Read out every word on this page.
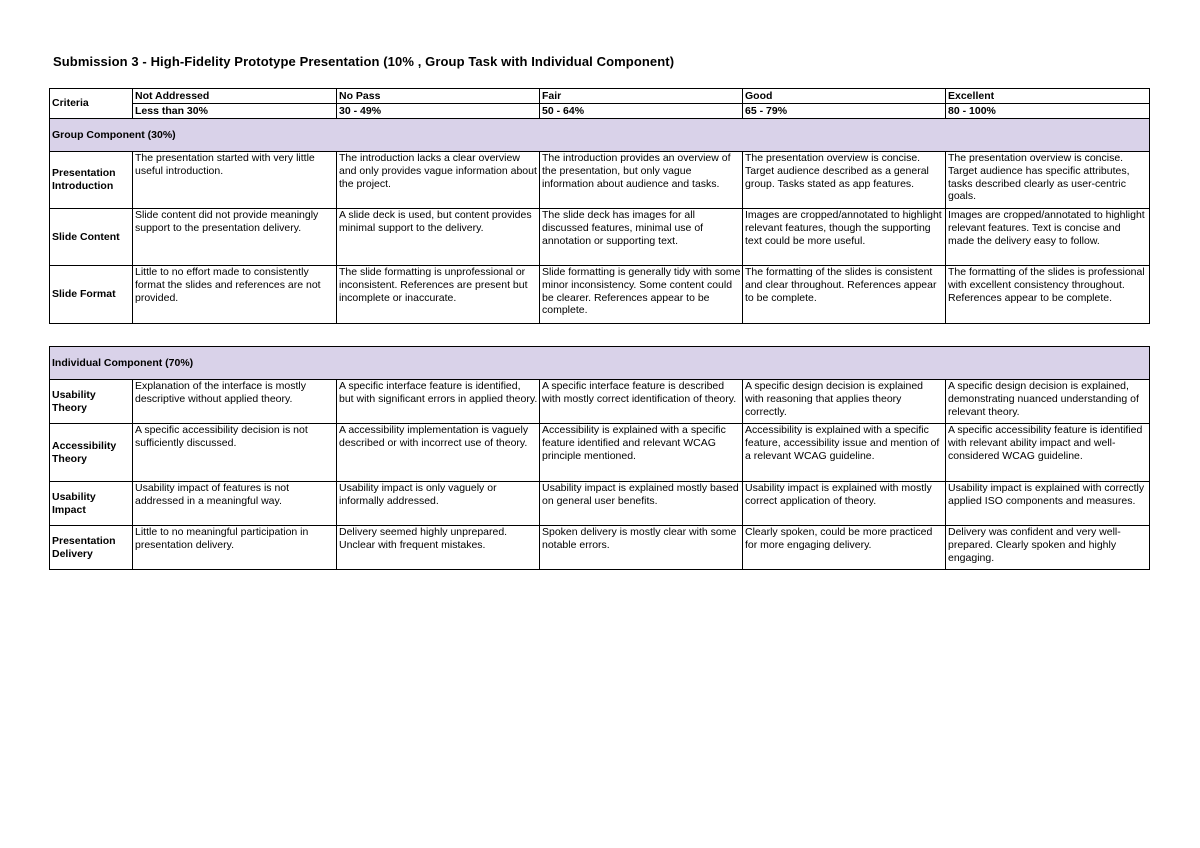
Submission 3 - High-Fidelity Prototype Presentation (10% , Group Task with Individual Component)
Criteria	Not Addressed	No Pass	Fair	Good	Excellent
	Less than 30%	30 - 49%	50 - 64%	65 - 79%	80 - 100%
Group Component (30%)					
Presentation Introduction	The presentation started with very little useful introduction.	The introduction lacks a clear overview and only provides vague information about the project.	The introduction provides an overview of the presentation, but only vague information about audience and tasks.	The presentation overview is concise. Target audience described as a general group. Tasks stated as app features.	The presentation overview is concise. Target audience has specific attributes, tasks described clearly as user-centric goals.
Slide Content	Slide content did not provide meaningly support to the presentation delivery.	A slide deck is used, but content provides minimal support to the delivery.	The slide deck has images for all discussed features, minimal use of annotation or supporting text.	Images are cropped/annotated to highlight relevant features, though the supporting text could be more useful.	Images are cropped/annotated to highlight relevant features. Text is concise and made the delivery easy to follow.
Slide Format	Little to no effort made to consistently format the slides and references are not provided.	The slide formatting is unprofessional or inconsistent. References are present but incomplete or inaccurate.	Slide formatting is generally tidy with some minor inconsistency. Some content could be clearer. References appear to be complete.	The formatting of the slides is consistent and clear throughout. References appear to be complete.	The formatting of the slides is professional with excellent consistency throughout. References appear to be complete.
Individual Component (70%)					
Usability Theory	Explanation of the interface is mostly descriptive without applied theory.	A specific interface feature is identified, but with significant errors in applied theory.	A specific interface feature is described with mostly correct identification of theory.	A specific design decision is explained with reasoning that applies theory correctly.	A specific design decision is explained, demonstrating nuanced understanding of relevant theory.
Accessibility Theory	A specific accessibility decision is not sufficiently discussed.	A accessibility implementation is vaguely described or with incorrect use of theory.	Accessibility is explained with a specific feature identified and relevant WCAG principle mentioned.	Accessibility is explained with a specific feature, accessibility issue and mention of a relevant WCAG guideline.	A specific accessibility feature is identified with relevant ability impact and well-considered WCAG guideline.
Usability Impact	Usability impact of features is not addressed in a meaningful way.	Usability impact is only vaguely or informally addressed.	Usability impact is explained mostly based on general user benefits.	Usability impact is explained with mostly correct application of theory.	Usability impact is explained with correctly applied ISO components and measures.
Presentation Delivery	Little to no meaningful participation in presentation delivery.	Delivery seemed highly unprepared. Unclear with frequent mistakes.	Spoken delivery is mostly clear with some notable errors.	Clearly spoken, could be more practiced for more engaging delivery.	Delivery was confident and very well-prepared. Clearly spoken and highly engaging.
